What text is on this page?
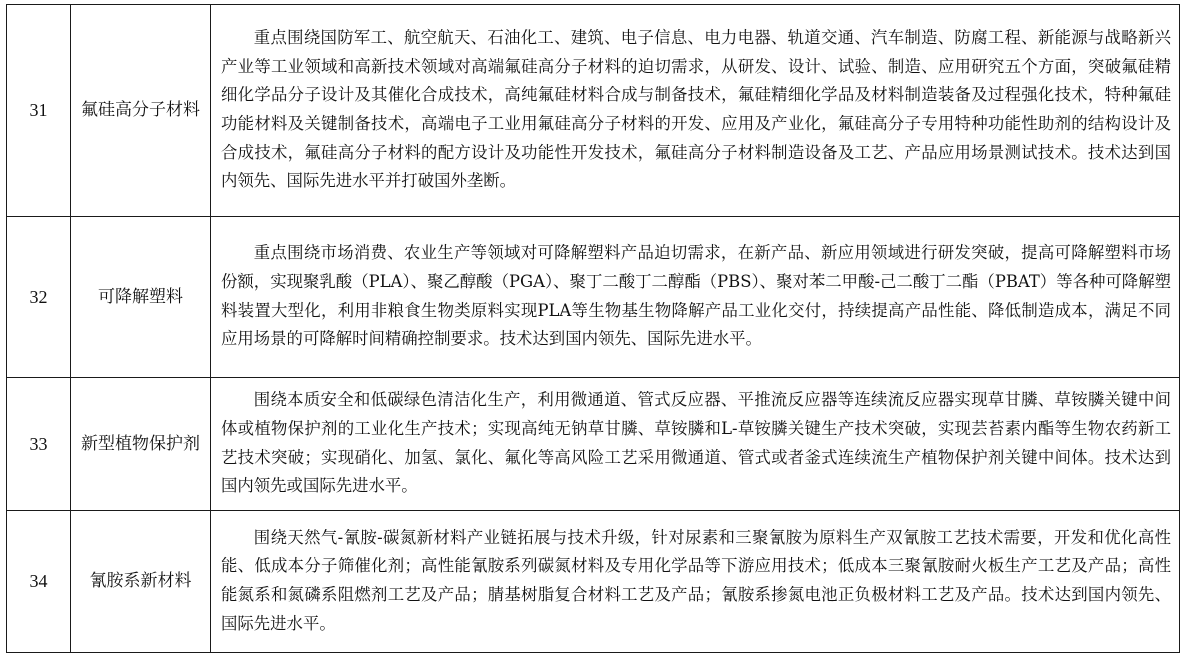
31	氟硅高分子材料	重点围绕国防军工、航空航天、石油化工、建筑、电子信息、电力电器、轨道交通、汽车制造、防腐工程、新能源与战略新兴产业等工业领域和高新技术领域对高端氟硅高分子材料的迫切需求，从研发、设计、试验、制造、应用研究五个方面，突破氟硅精细化学品分子设计及其催化合成技术，高纯氟硅材料合成与制备技术，氟硅精细化学品及材料制造装备及过程强化技术，特种氟硅功能材料及关键制备技术，高端电子工业用氟硅高分子材料的开发、应用及产业化，氟硅高分子专用特种功能性助剂的结构设计及合成技术，氟硅高分子材料的配方设计及功能性开发技术，氟硅高分子材料制造设备及工艺、产品应用场景测试技术。技术达到国内领先、国际先进水平并打破国外垄断。
32	可降解塑料	重点围绕市场消费、农业生产等领域对可降解塑料产品迫切需求，在新产品、新应用领域进行研发突破，提高可降解塑料市场份额，实现聚乳酸（PLA）、聚乙醇酸（PGA）、聚丁二酸丁二醇酯（PBS）、聚对苯二甲酸-己二酸丁二酯（PBAT）等各种可降解塑料装置大型化，利用非粮食生物类原料实现PLA等生物基生物降解产品工业化交付，持续提高产品性能、降低制造成本，满足不同应用场景的可降解时间精确控制要求。技术达到国内领先、国际先进水平。
33	新型植物保护剂	围绕本质安全和低碳绿色清洁化生产，利用微通道、管式反应器、平推流反应器等连续流反应器实现草甘膦、草铵膦关键中间体或植物保护剂的工业化生产技术；实现高纯无钠草甘膦、草铵膦和L-草铵膦关键生产技术突破，实现芸苔素内酯等生物农药新工艺技术突破；实现硝化、加氢、氯化、氟化等高风险工艺采用微通道、管式或者釜式连续流生产植物保护剂关键中间体。技术达到国内领先或国际先进水平。
34	氰胺系新材料	围绕天然气-氰胺-碳氮新材料产业链拓展与技术升级，针对尿素和三聚氰胺为原料生产双氰胺工艺技术需要，开发和优化高性能、低成本分子筛催化剂；高性能氰胺系列碳氮材料及专用化学品等下游应用技术；低成本三聚氰胺耐火板生产工艺及产品；高性能氮系和氮磷系阻燃剂工艺及产品；腈基树脂复合材料工艺及产品；氰胺系掺氮电池正负极材料工艺及产品。技术达到国内领先、国际先进水平。
